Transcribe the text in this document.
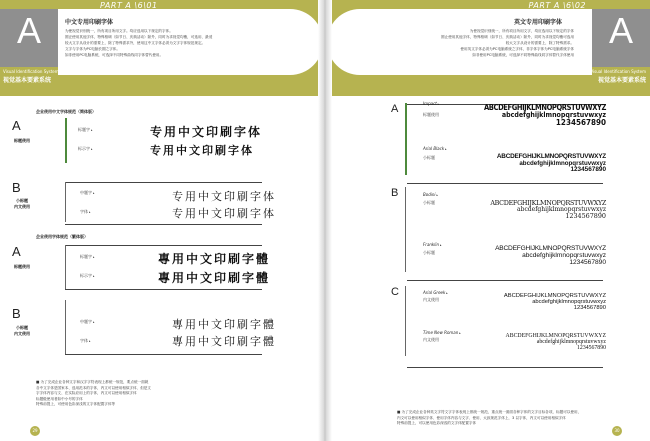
PART A \6\01
A
Visual Identification System
视觉基本要素系统
中文专用印刷字体
为使视觉识别统一，所有项目所用文字。均应选用以下规定的字体。
圆正使用其他字体，特殊格调（如节日、庆典活动）除外，同时为求视觉均衡，可选用、最适
较大文字从设计的需要上，除了特殊需求外，使用这中文字体必须为文字字体规范规定。
文字与字体为PC电脑长期之字体。
如非使用PC电脑系统，可选择不同特殊曲线同字体替代使用。
企业使用中文字体规范（简体版）
A
标题使用
标题字 ▸	专用中文印刷字体
标示字 ▸	专用中文印刷字体
B
小标题
内文使用
中题字 ▸	专用中文印刷字体
字体 ▸	专用中文印刷字体
企业使用字体规范（繁体版）
A
标题使用
标题字 ▸	專用中文印刷字體
标示字 ▸	專用中文印刷字體
B
小标题
内文使用
中题字 ▸	專用中文印刷字體
字体 ▸	專用中文印刷字體
■ 为了完成企业各种文字和汉字字符表现上都统一规范，要点统一面貌
各中文字体是国家本、选用范本的字体，内文可以使用相似字体、但是文
字字体内容与文、在实际应用上的字体，内文可以使用相似字体
标题级使用者如中小号的字体
特殊前提上，可使用色彩深浅的文字体配置字体等
29
PART A \6\02
A
Visual Identification System
视觉基本要素系统
英文专用印刷字体
为使视觉识别统一，所有项目所用文字，均应选用以下规定的字体
圆止使用其他字体，特殊格调（如节日、庆典活动）除外，同时为求视觉均衡可选用
较大文字从设计的需要上，除了特殊需求。
使用英文字体必须为PC电脑系统之字体，非字体字体为PC电脑系统字体
如非使用PC电脑系统，可选择不同特殊曲线同字体替代字体使用
A	Impact ▸
标题使用
ABCDEFGHIJKLMNOPQRSTUVWXYZ
abcdefghijklmnopqrstuvwxyz
1234567890
Arial Black ▸
小标题	ABCDEFGHIJKLMNOPQRSTUVWXYZ
abcdefghijklmnopqrstuvwxyz
1234567890
B	Bodini ▸
小标题	ABCDEFGHIJKLMNOPQRSTUVWXYZ
abcdefghijklmnopqrstuvwxyz
1234567890
Franklin ▸
小标题
ABCDEFGHIJKLMNOPQRSTUVWXYZ
abcdefghijklmnopqrstuvwxyz
1234567890
C	Arial Greek ▸
内文使用
ABCDEFGHIJKLMNOPQRSTUVWXYZ
abcdefghijklmnopqrstuvwxyz
1234567890
Time New Roman ▸
内文使用
ABCDEFGHIJKLMNOPQRSTUVWXYZ
abcdefghijklmnopqrstuvwxyz
1234567890
■ 为了完成企业各种英文字符文字字体表现上都统一规范，重点统一面面各种字体的文字目标各项，标题可以使用，
内文可以使用相似字体、使用字体内容与文字、使用、大致规范字体上，3 以字体，内文可以使用相似字体
特殊前提上，可以使用色彩深浅的文字体配置字体
30
